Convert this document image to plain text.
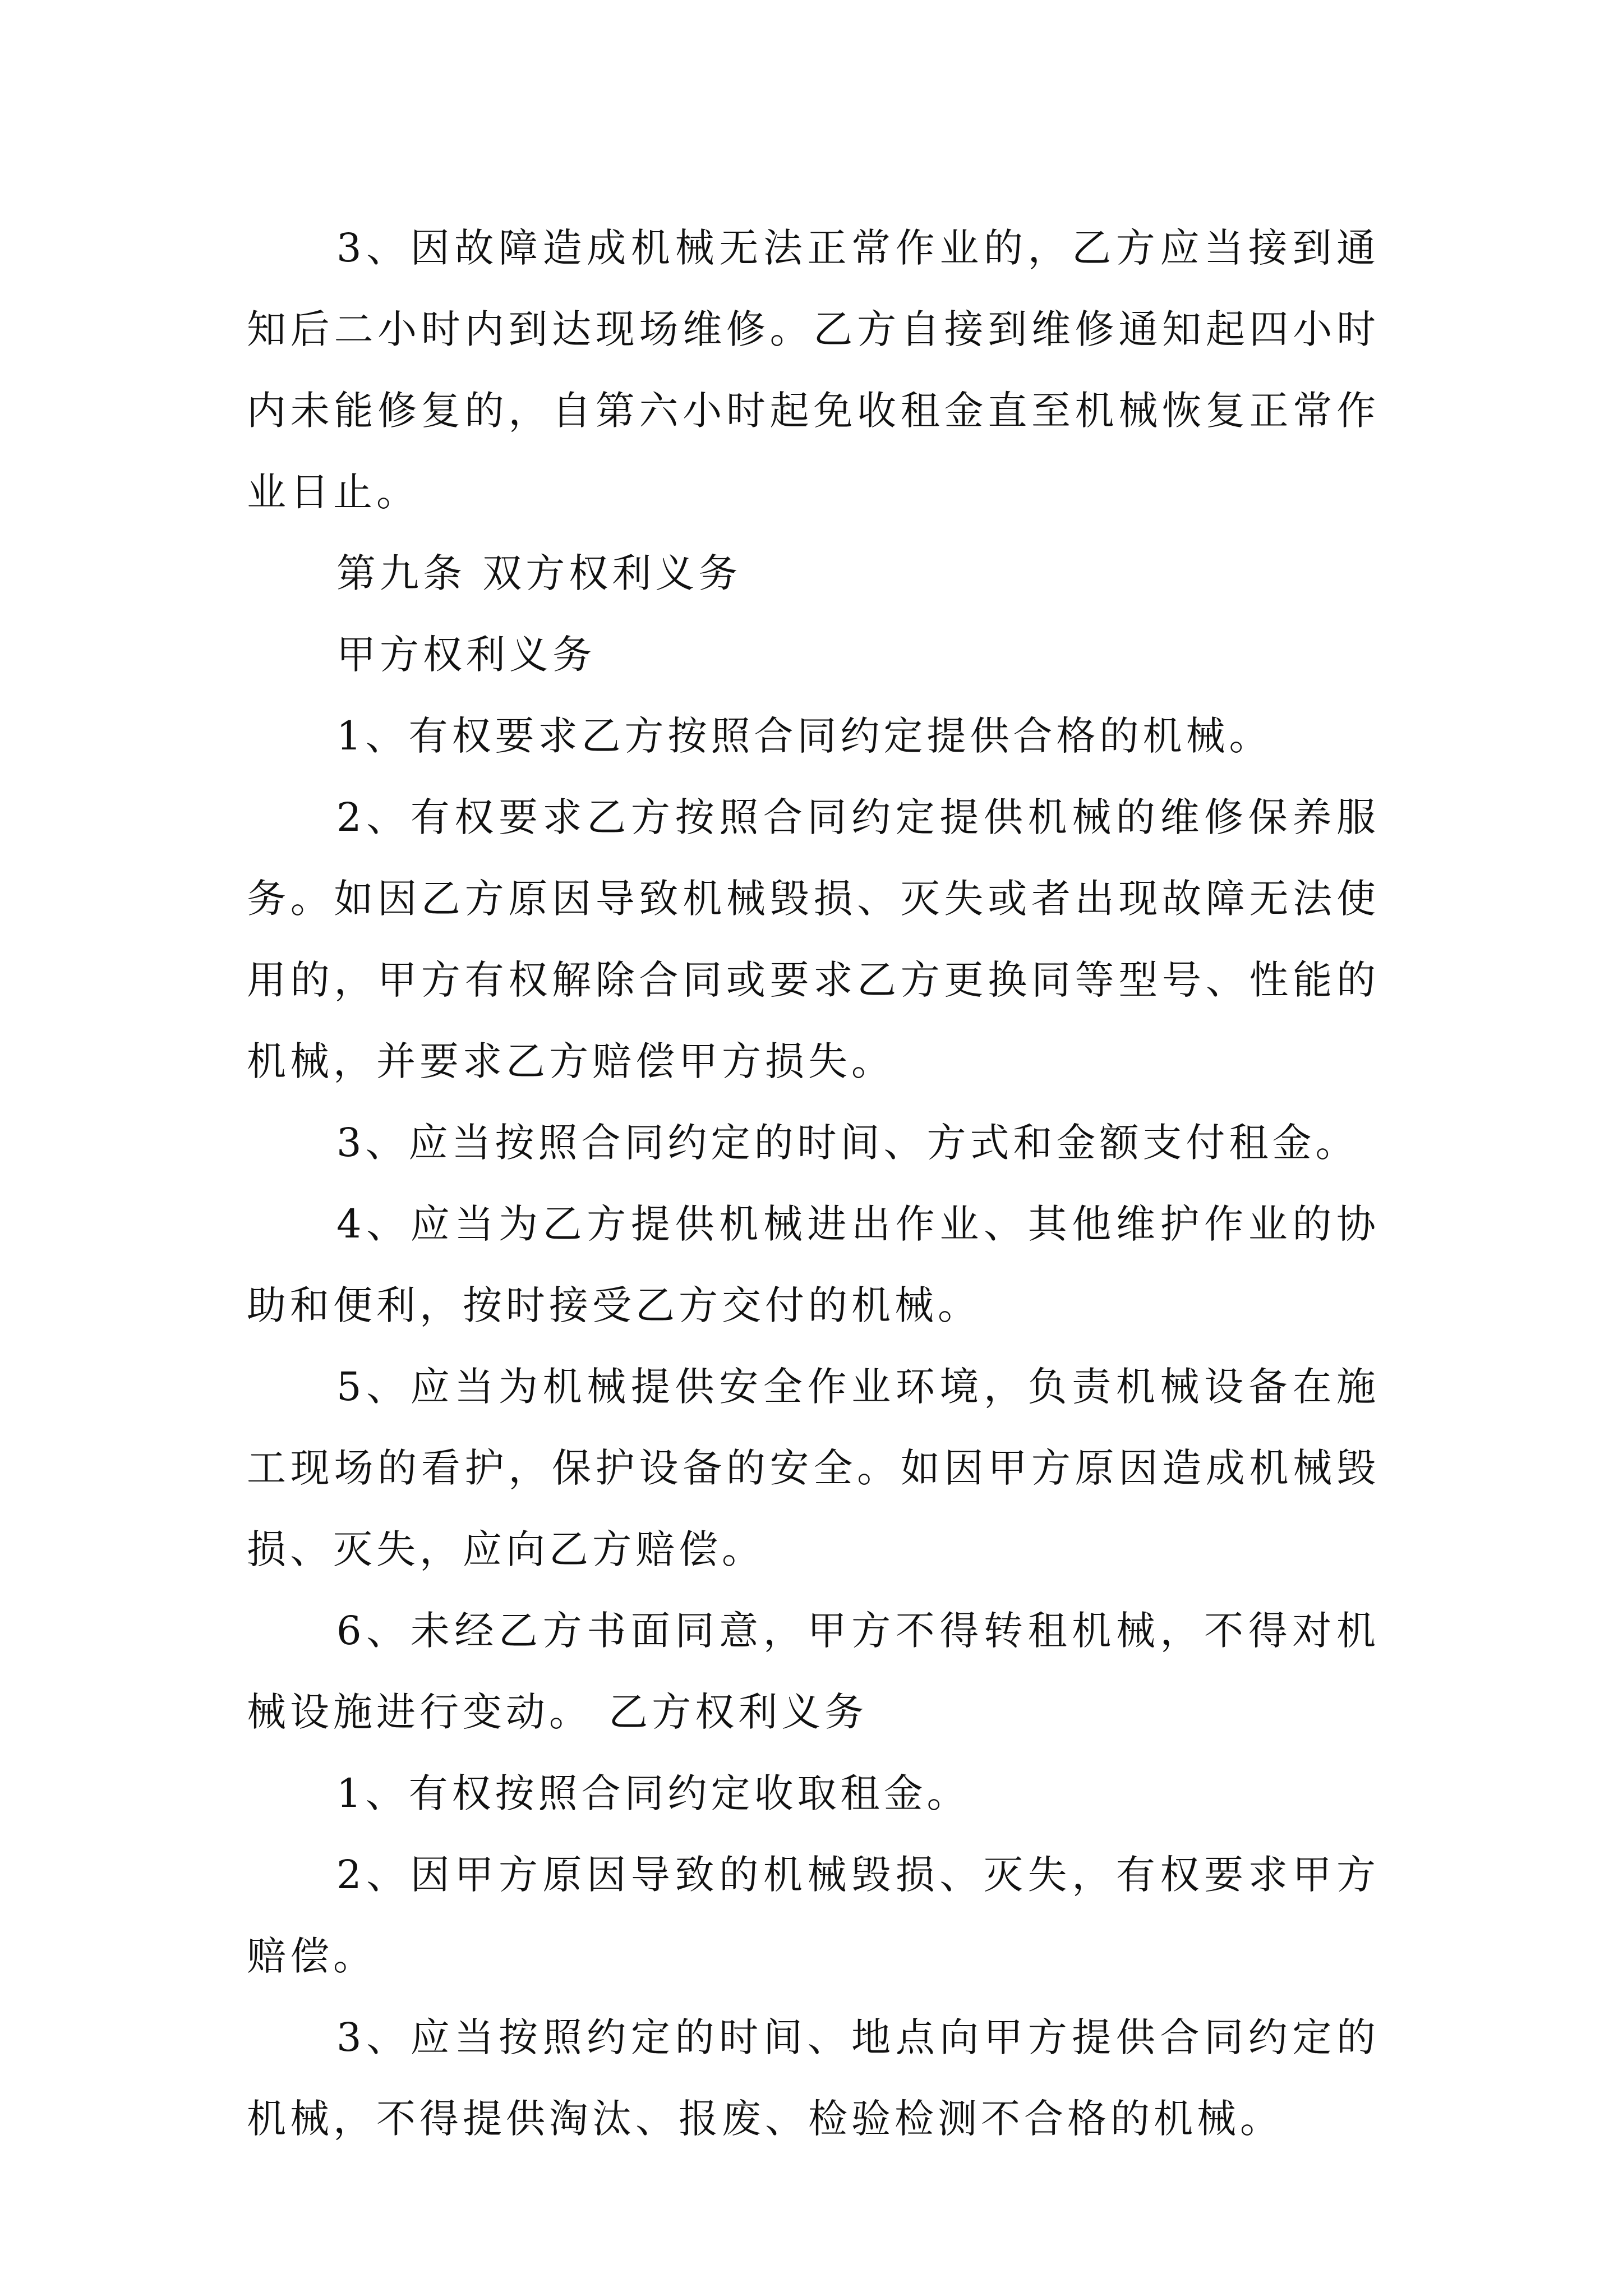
3、因故障造成机械无法正常作业的，乙方应当接到通知后二小时内到达现场维修。乙方自接到维修通知起四小时内未能修复的，自第六小时起免收租金直至机械恢复正常作业日止。

第九条 双方权利义务

甲方权利义务

1、有权要求乙方按照合同约定提供合格的机械。

2、有权要求乙方按照合同约定提供机械的维修保养服务。如因乙方原因导致机械毁损、灭失或者出现故障无法使用的，甲方有权解除合同或要求乙方更换同等型号、性能的机械，并要求乙方赔偿甲方损失。

3、应当按照合同约定的时间、方式和金额支付租金。

4、应当为乙方提供机械进出作业、其他维护作业的协助和便利，按时接受乙方交付的机械。

5、应当为机械提供安全作业环境，负责机械设备在施工现场的看护，保护设备的安全。如因甲方原因造成机械毁损、灭失，应向乙方赔偿。

6、未经乙方书面同意，甲方不得转租机械，不得对机械设施进行变动。 乙方权利义务

1、有权按照合同约定收取租金。

2、因甲方原因导致的机械毁损、灭失，有权要求甲方赔偿。

3、应当按照约定的时间、地点向甲方提供合同约定的机械，不得提供淘汰、报废、检验检测不合格的机械。
